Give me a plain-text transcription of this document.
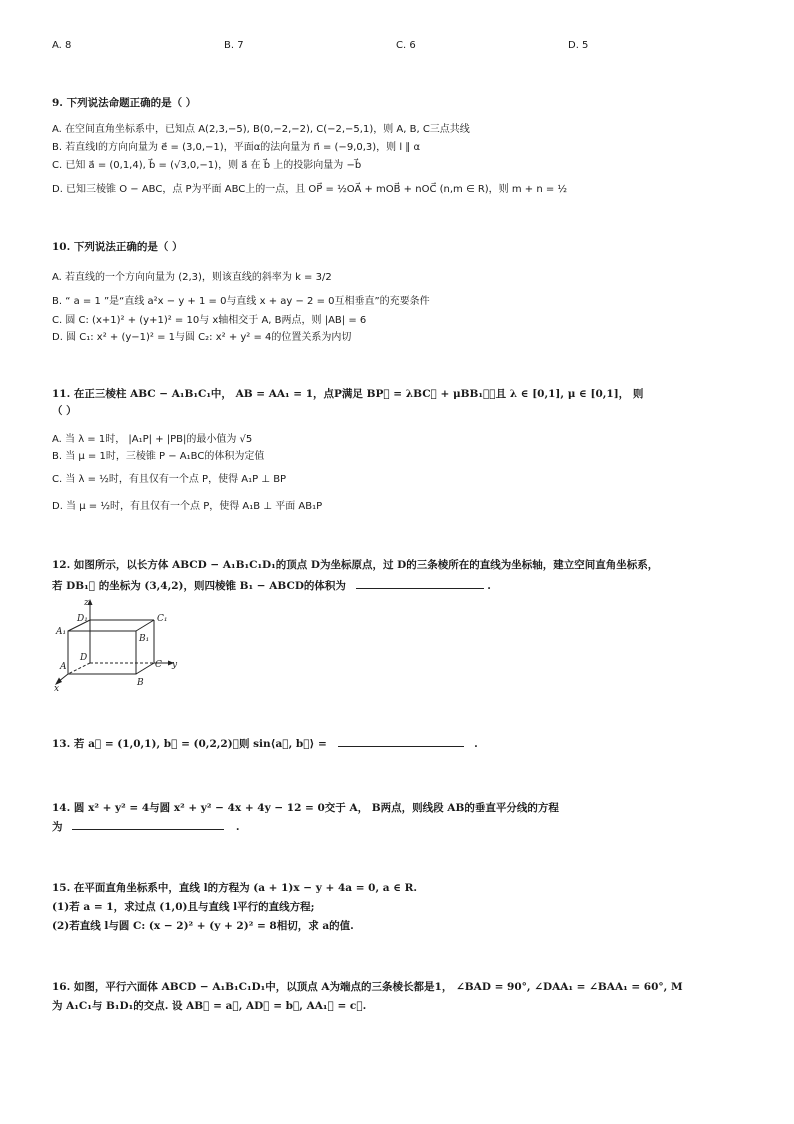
A. 8	B. 7	C. 6	D. 5
9. 下列说法命题正确的是（ ）
A. 在空间直角坐标系中，已知点 A(2,3,−5), B(0,−2,−2), C(−2,−5,1)，则 A, B, C三点共线
B. 若直线l的方向向量为 e⃗ = (3,0,−1)，平面α的法向量为 n⃗ = (−9,0,3)，则 l ∥ α
C. 已知 a⃗ = (0,1,4), b⃗ = (√3,0,−1)，则 a⃗ 在 b⃗ 上的投影向量为 −b⃗
D. 已知三棱锥 O − ABC，点 P为平面 ABC上的一点，且 OP⃗ = ½OA⃗ + mOB⃗ + nOC⃗ (n,m ∈ R)，则 m + n = ½
10. 下列说法正确的是（ ）
A. 若直线的一个方向向量为 (2,3)，则该直线的斜率为 k = 3/2
B. “ a = 1 ”是“直线 a²x − y + 1 = 0与直线 x + ay − 2 = 0互相垂直”的充要条件
C. 圆 C: (x+1)² + (y+1)² = 10与 x轴相交于 A, B两点，则 |AB| = 6
D. 圆 C₁: x² + (y−1)² = 1与圆 C₂: x² + y² = 4的位置关系为内切
11. 在正三棱柱 ABC − A₁B₁C₁中， AB = AA₁ = 1，点P满足 BP⃗ = λBC⃗ + μBB₁⃗，且 λ ∈ [0,1], μ ∈ [0,1]， 则
（ ）
A. 当 λ = 1时， |A₁P| + |PB|的最小值为 √5
B. 当 μ = 1时，三棱锥 P − A₁BC的体积为定值
C. 当 λ = ½时，有且仅有一个点 P，使得 A₁P ⊥ BP
D. 当 μ = ½时，有且仅有一个点 P，使得 A₁B ⊥ 平面 AB₁P
12. 如图所示，以长方体 ABCD − A₁B₁C₁D₁的顶点 D为坐标原点，过 D的三条棱所在的直线为坐标轴，建立空间直角坐标系，
若 DB₁⃗ 的坐标为 (3,4,2)，则四棱锥 B₁ − ABCD的体积为	.
z
D₁	C₁
A₁
B₁
D
C y
A
B
x
13. 若 a⃗ = (1,0,1), b⃗ = (0,2,2)，则 sin⟨a⃗, b⃗⟩ =	.
14. 圆 x² + y² = 4与圆 x² + y² − 4x + 4y − 12 = 0交于 A， B两点，则线段 AB的垂直平分线的方程
为	.
15. 在平面直角坐标系中，直线 l的方程为 (a + 1)x − y + 4a = 0, a ∈ R.
(1)若 a = 1，求过点 (1,0)且与直线 l平行的直线方程;
(2)若直线 l与圆 C: (x − 2)² + (y + 2)² = 8相切，求 a的值.
16. 如图，平行六面体 ABCD − A₁B₁C₁D₁中，以顶点 A为端点的三条棱长都是1， ∠BAD = 90°, ∠DAA₁ = ∠BAA₁ = 60°, M
为 A₁C₁与 B₁D₁的交点. 设 AB⃗ = a⃗, AD⃗ = b⃗, AA₁⃗ = c⃗.
